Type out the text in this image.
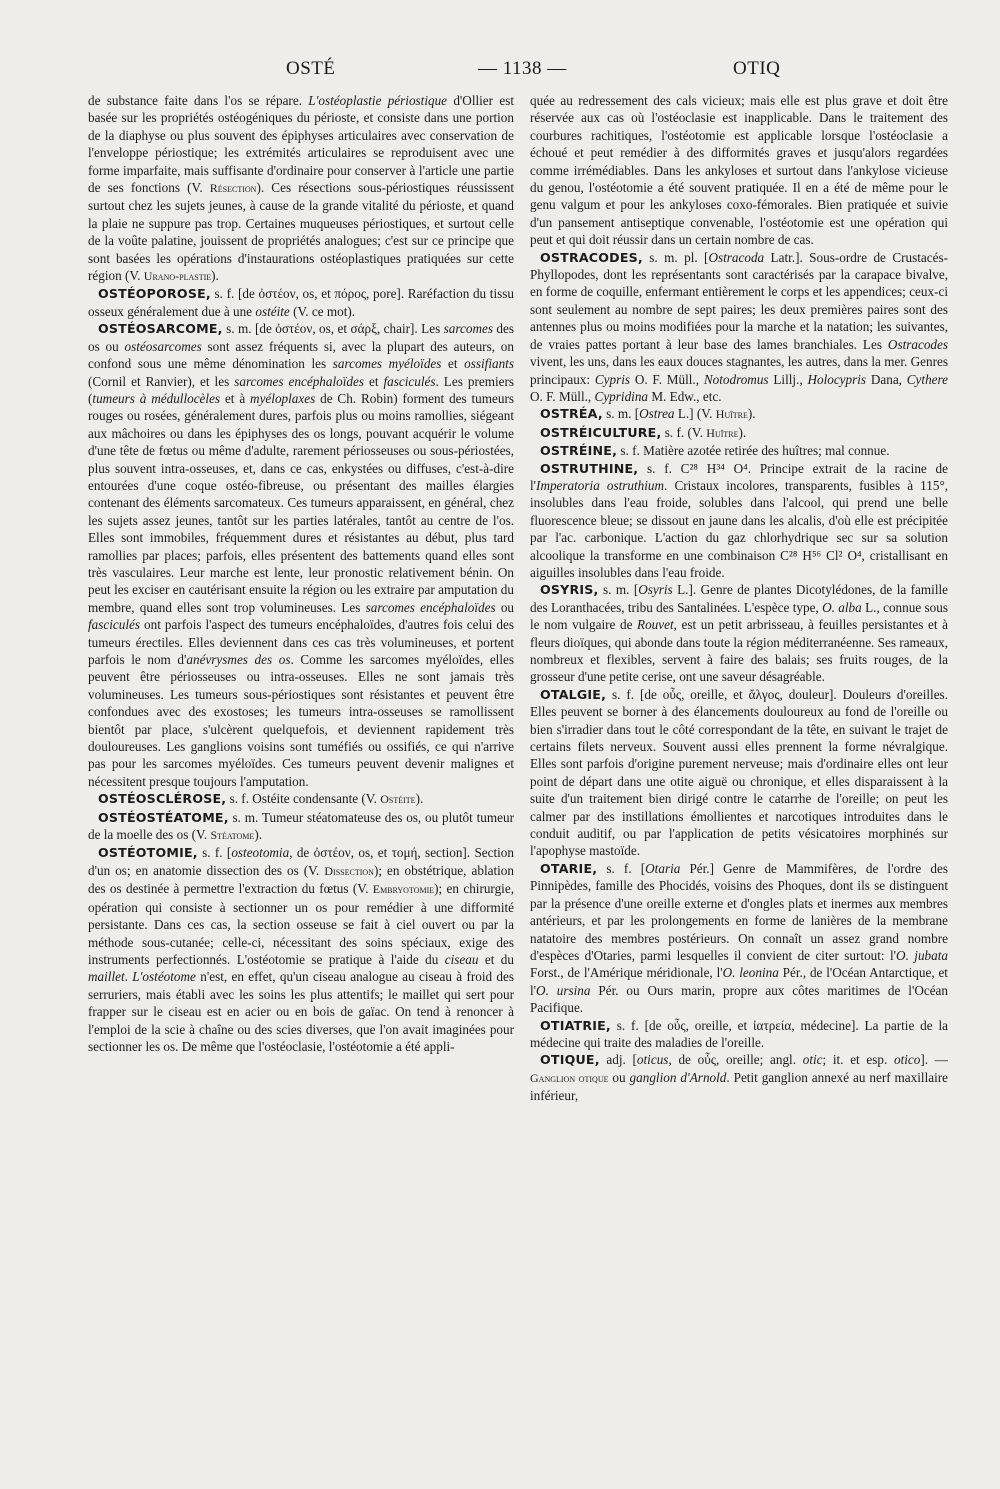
OSTÉ	— 1138 —	OTIQ

de substance faite dans l'os se répare. L'ostéoplastie périostique d'Ollier est basée sur les propriétés ostéogéniques du périoste, et consiste dans une portion de la diaphyse ou plus souvent des épiphyses articulaires avec conservation de l'enveloppe périostique; les extrémités articulaires se reproduisent avec une forme imparfaite, mais suffisante d'ordinaire pour conserver à l'article une partie de ses fonctions (V. Résection). Ces résections sous-périostiques réussissent surtout chez les sujets jeunes, à cause de la grande vitalité du périoste, et quand la plaie ne suppure pas trop. Certaines muqueuses périostiques, et surtout celle de la voûte palatine, jouissent de propriétés analogues; c'est sur ce principe que sont basées les opérations d'instaurations ostéoplastiques pratiquées sur cette région (V. Urano-plastie).

OSTÉOPOROSE, s. f. [de ὀστέον, os, et πόρος, pore]. Raréfaction du tissu osseux généralement due à une ostéite (V. ce mot).

OSTÉOSARCOME, s. m. [de ὀστέον, os, et σάρξ, chair]. Les sarcomes des os ou ostéosarcomes sont assez fréquents si, avec la plupart des auteurs, on confond sous une même dénomination les sarcomes myéloïdes et ossifiants (Cornil et Ranvier), et les sarcomes encéphaloïdes et fasciculés. Les premiers (tumeurs à médullocèles et à myéloplaxes de Ch. Robin) forment des tumeurs rouges ou rosées, généralement dures, parfois plus ou moins ramollies, siégeant aux mâchoires ou dans les épiphyses des os longs, pouvant acquérir le volume d'une tête de fœtus ou même d'adulte, rarement périosseuses ou sous-périostées, plus souvent intra-osseuses, et, dans ce cas, enkystées ou diffuses, c'est-à-dire entourées d'une coque ostéo-fibreuse, ou présentant des mailles élargies contenant des éléments sarcomateux. Ces tumeurs apparaissent, en général, chez les sujets assez jeunes, tantôt sur les parties latérales, tantôt au centre de l'os. Elles sont immobiles, fréquemment dures et résistantes au début, plus tard ramollies par places; parfois, elles présentent des battements quand elles sont très vasculaires. Leur marche est lente, leur pronostic relativement bénin. On peut les exciser en cautérisant ensuite la région ou les extraire par amputation du membre, quand elles sont trop volumineuses. Les sarcomes encéphaloïdes ou fasciculés ont parfois l'aspect des tumeurs encéphaloïdes, d'autres fois celui des tumeurs érectiles. Elles deviennent dans ces cas très volumineuses, et portent parfois le nom d'anévrysmes des os. Comme les sarcomes myéloïdes, elles peuvent être périosseuses ou intra-osseuses. Elles ne sont jamais très volumineuses. Les tumeurs sous-périostiques sont résistantes et peuvent être confondues avec des exostoses; les tumeurs intra-osseuses se ramollissent bientôt par place, s'ulcèrent quelquefois, et deviennent rapidement très douloureuses. Les ganglions voisins sont tuméfiés ou ossifiés, ce qui n'arrive pas pour les sarcomes myéloïdes. Ces tumeurs peuvent devenir malignes et nécessitent presque toujours l'amputation.

OSTÉOSCLÉROSE, s. f. Ostéite condensante (V. Ostéite).

OSTÉOSTÉATOME, s. m. Tumeur stéatomateuse des os, ou plutôt tumeur de la moelle des os (V. Stéatome).

OSTÉOTOMIE, s. f. [osteotomia, de ὀστέον, os, et τομή, section]. Section d'un os; en anatomie dissection des os (V. Dissection); en obstétrique, ablation des os destinée à permettre l'extraction du fœtus (V. Embryotomie); en chirurgie, opération qui consiste à sectionner un os pour remédier à une difformité persistante. Dans ces cas, la section osseuse se fait à ciel ouvert ou par la méthode sous-cutanée; celle-ci, nécessitant des soins spéciaux, exige des instruments perfectionnés. L'ostéotomie se pratique à l'aide du ciseau et du maillet. L'ostéotome n'est, en effet, qu'un ciseau analogue au ciseau à froid des serruriers, mais établi avec les soins les plus attentifs; le maillet qui sert pour frapper sur le ciseau est en acier ou en bois de gaïac. On tend à renoncer à l'emploi de la scie à chaîne ou des scies diverses, que l'on avait imaginées pour sectionner les os. De même que l'ostéoclasie, l'ostéotomie a été appli-

quée au redressement des cals vicieux; mais elle est plus grave et doit être réservée aux cas où l'ostéoclasie est inapplicable. Dans le traitement des courbures rachitiques, l'ostéotomie est applicable lorsque l'ostéoclasie a échoué et peut remédier à des difformités graves et jusqu'alors regardées comme irrémédiables. Dans les ankyloses et surtout dans l'ankylose vicieuse du genou, l'ostéotomie a été souvent pratiquée. Il en a été de même pour le genu valgum et pour les ankyloses coxo-fémorales. Bien pratiquée et suivie d'un pansement antiseptique convenable, l'ostéotomie est une opération qui peut et qui doit réussir dans un certain nombre de cas.

OSTRACODES, s. m. pl. [Ostracoda Latr.]. Sous-ordre de Crustacés-Phyllopodes, dont les représentants sont caractérisés par la carapace bivalve, en forme de coquille, enfermant entièrement le corps et les appendices; ceux-ci sont seulement au nombre de sept paires; les deux premières paires sont des antennes plus ou moins modifiées pour la marche et la natation; les suivantes, de vraies pattes portant à leur base des lames branchiales. Les Ostracodes vivent, les uns, dans les eaux douces stagnantes, les autres, dans la mer. Genres principaux: Cypris O. F. Müll., Notodromus Lillj., Holocypris Dana, Cythere O. F. Müll., Cypridina M. Edw., etc.

OSTRÉA, s. m. [Ostrea L.] (V. Huître).

OSTRÉICULTURE, s. f. (V. Huître).

OSTRÉINE, s. f. Matière azotée retirée des huîtres; mal connue.

OSTRUTHINE, s. f. C²⁸ H³⁴ O⁴. Principe extrait de la racine de l'Imperatoria ostruthium. Cristaux incolores, transparents, fusibles à 115°, insolubles dans l'eau froide, solubles dans l'alcool, qui prend une belle fluorescence bleue; se dissout en jaune dans les alcalis, d'où elle est précipitée par l'ac. carbonique. L'action du gaz chlorhydrique sec sur sa solution alcoolique la transforme en une combinaison C²⁸ H⁵⁶ Cl² O⁴, cristallisant en aiguilles insolubles dans l'eau froide.

OSYRIS, s. m. [Osyris L.]. Genre de plantes Dicotylédones, de la famille des Loranthacées, tribu des Santalinées. L'espèce type, O. alba L., connue sous le nom vulgaire de Rouvet, est un petit arbrisseau, à feuilles persistantes et à fleurs dioïques, qui abonde dans toute la région méditerranéenne. Ses rameaux, nombreux et flexibles, servent à faire des balais; ses fruits rouges, de la grosseur d'une petite cerise, ont une saveur désagréable.

OTALGIE, s. f. [de οὖς, oreille, et ἄλγος, douleur]. Douleurs d'oreilles. Elles peuvent se borner à des élancements douloureux au fond de l'oreille ou bien s'irradier dans tout le côté correspondant de la tête, en suivant le trajet de certains filets nerveux. Souvent aussi elles prennent la forme névralgique. Elles sont parfois d'origine purement nerveuse; mais d'ordinaire elles ont leur point de départ dans une otite aiguë ou chronique, et elles disparaissent à la suite d'un traitement bien dirigé contre le catarrhe de l'oreille; on peut les calmer par des instillations émollientes et narcotiques introduites dans le conduit auditif, ou par l'application de petits vésicatoires morphinés sur l'apophyse mastoïde.

OTARIE, s. f. [Otaria Pér.] Genre de Mammifères, de l'ordre des Pinnipèdes, famille des Phocidés, voisins des Phoques, dont ils se distinguent par la présence d'une oreille externe et d'ongles plats et inermes aux membres antérieurs, et par les prolongements en forme de lanières de la membrane natatoire des membres postérieurs. On connaît un assez grand nombre d'espèces d'Otaries, parmi lesquelles il convient de citer surtout: l'O. jubata Forst., de l'Amérique méridionale, l'O. leonina Pér., de l'Océan Antarctique, et l'O. ursina Pér. ou Ours marin, propre aux côtes maritimes de l'Océan Pacifique.

OTIATRIE, s. f. [de οὖς, oreille, et ἰατρεία, médecine]. La partie de la médecine qui traite des maladies de l'oreille.

OTIQUE, adj. [oticus, de οὖς, oreille; angl. otic; it. et esp. otico]. — Ganglion otique ou ganglion d'Arnold. Petit ganglion annexé au nerf maxillaire inférieur,
